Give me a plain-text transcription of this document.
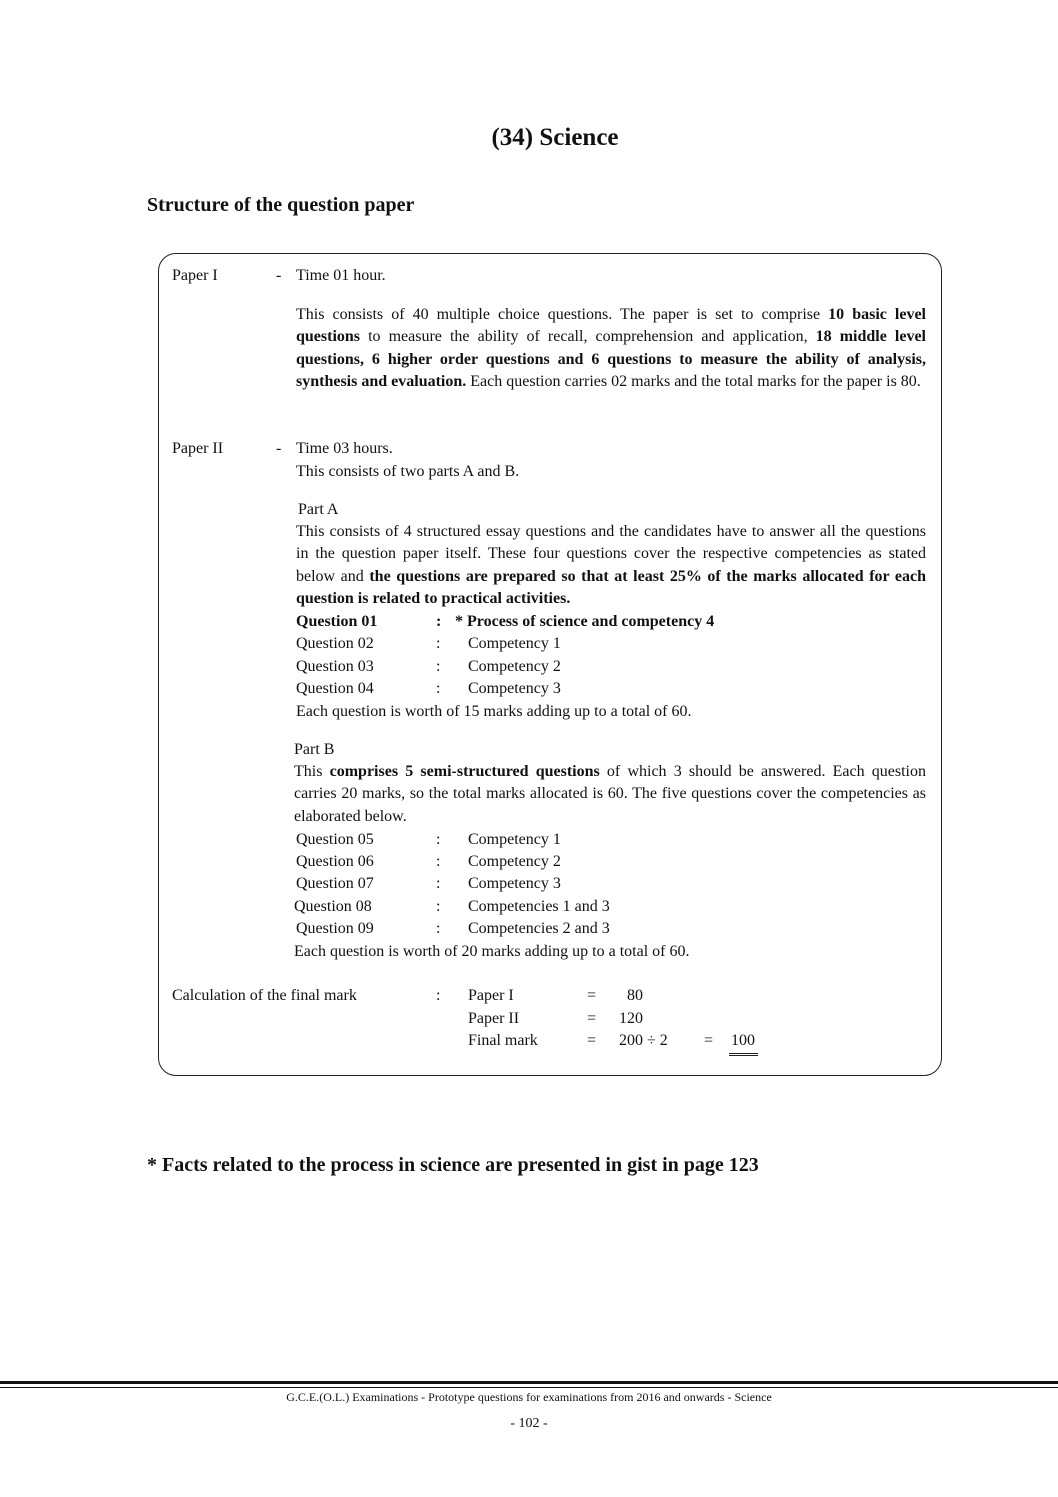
(34) Science
Structure of the question paper
Paper I	- Time 01 hour.
This consists of 40 multiple choice questions. The paper is set to comprise 10 basic level questions to measure the ability of recall, comprehension and application, 18 middle level questions, 6 higher order questions and 6 questions to measure the ability of analysis, synthesis and evaluation. Each question carries 02 marks and the total marks for the paper is 80.
Paper II	- Time 03 hours.
This consists of two parts A and B.
Part A
This consists of 4 structured essay questions and the candidates have to answer all the questions in the question paper itself. These four questions cover the respective competencies as stated below and the questions are prepared so that at least 25% of the marks allocated for each question is related to practical activities.
Question 01	: * Process of science and competency 4
Question 02	: Competency 1
Question 03	: Competency 2
Question 04	: Competency 3
Each question is worth of 15 marks adding up to a total of 60.
Part B
This comprises 5 semi-structured questions of which 3 should be answered. Each question carries 20 marks, so the total marks allocated is 60. The five questions cover the competencies as elaborated below.
Question 05	: Competency 1
Question 06	: Competency 2
Question 07	: Competency 3
Question 08	: Competencies 1 and 3
Question 09	: Competencies 2 and 3
Each question is worth of 20 marks adding up to a total of 60.
Calculation of the final mark	: Paper I	= 80
Paper II	= 120
Final mark	= 200 ÷ 2 = 100
* Facts related to the process in science are presented in gist in page 123
G.C.E.(O.L.) Examinations - Prototype questions for examinations from 2016 and onwards - Science
- 102 -
